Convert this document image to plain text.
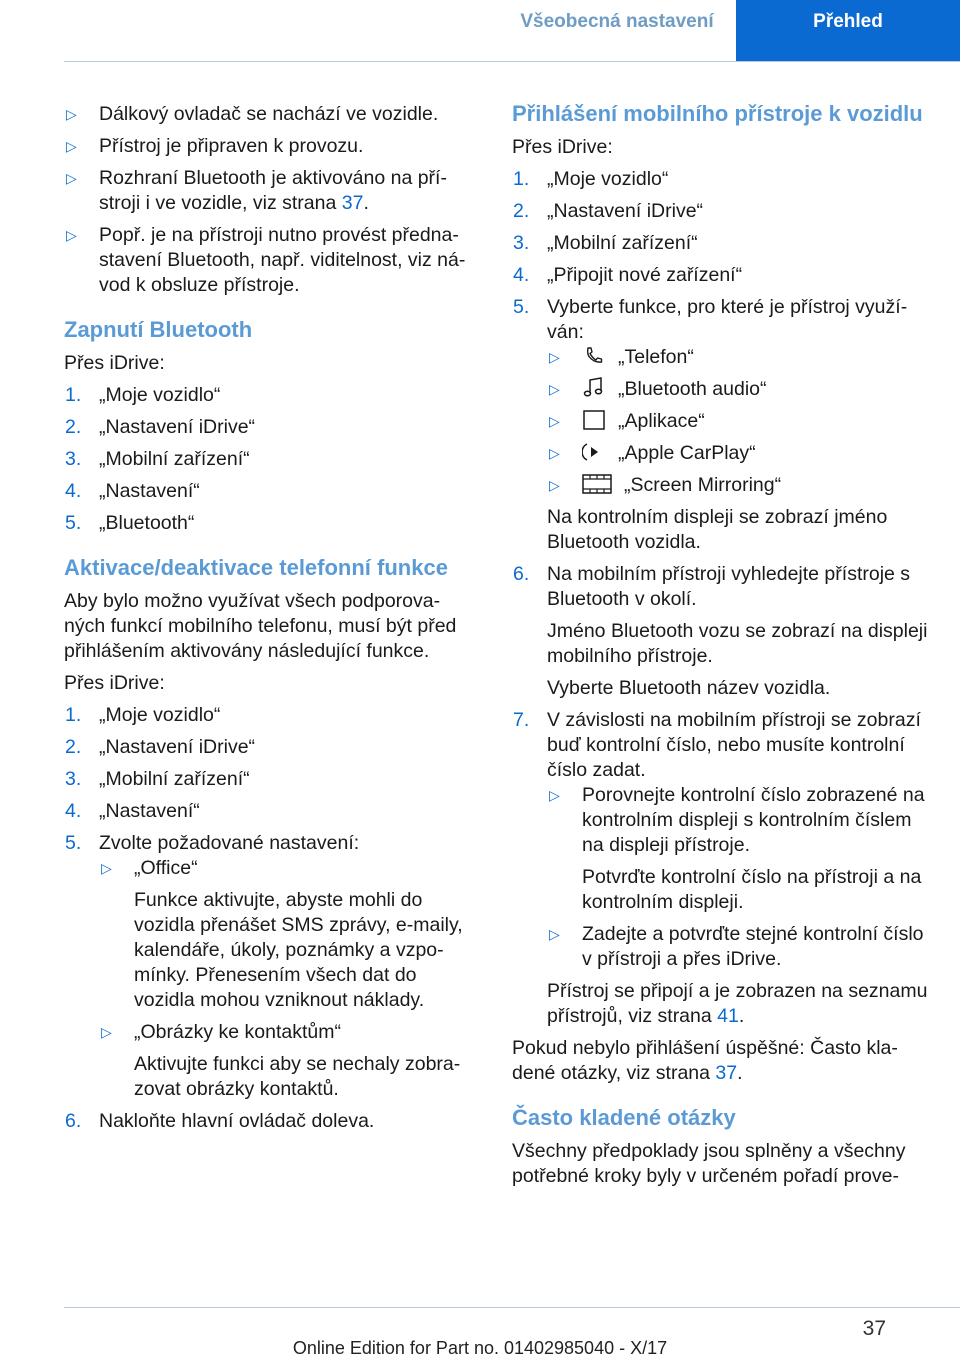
Všeobecná nastavení	Přehled
▷ Dálkový ovladač se nachází ve vozidle.
▷ Přístroj je připraven k provozu.
▷ Rozhraní Bluetooth je aktivováno na přístroji i ve vozidle, viz strana 37.
▷ Popř. je na přístroji nutno provést přednastavení Bluetooth, např. viditelnost, viz návod k obsluze přístroje.
Zapnutí Bluetooth

Přes iDrive:

1. „Moje vozidlo“
2. „Nastavení iDrive“
3. „Mobilní zařízení“
4. „Nastavení“
5. „Bluetooth“
Aktivace/deaktivace telefonní funkce

Aby bylo možno využívat všech podporovaných funkcí mobilního telefonu, musí být před přihlášením aktivovány následující funkce.

Přes iDrive:

1. „Moje vozidlo“
2. „Nastavení iDrive“
3. „Mobilní zařízení“
4. „Nastavení“
5. Zvolte požadované nastavení:
▷ „Office“

Funkce aktivujte, abyste mohli do vozidla přenášet SMS zprávy, e-maily, kalendáře, úkoly, poznámky a vzpomínky. Přenesením všech dat do vozidla mohou vzniknout náklady.

▷ „Obrázky ke kontaktům“

Aktivujte funkci aby se nechaly zobrazovat obrázky kontaktů.

6. Nakloňte hlavní ovládač doleva.
Přihlášení mobilního přístroje k vozidlu

Přes iDrive:

1. „Moje vozidlo“
2. „Nastavení iDrive“
3. „Mobilní zařízení“
4. „Připojit nové zařízení“
5. Vyberte funkce, pro které je přístroj využíván:
▷	„Telefon“
▷	„Bluetooth audio“
▷	„Aplikace“
▷	„Apple CarPlay“
▷	„Screen Mirroring“

Na kontrolním displeji se zobrazí jméno Bluetooth vozidla.

6. Na mobilním přístroji vyhledejte přístroje s Bluetooth v okolí.

Jméno Bluetooth vozu se zobrazí na displeji mobilního přístroje.

Vyberte Bluetooth název vozidla.

7. V závislosti na mobilním přístroji se zobrazí buď kontrolní číslo, nebo musíte kontrolní číslo zadat.
▷ Porovnejte kontrolní číslo zobrazené na kontrolním displeji s kontrolním číslem na displeji přístroje.

Potvrďte kontrolní číslo na přístroji a na kontrolním displeji.

▷ Zadejte a potvrďte stejné kontrolní číslo v přístroji a přes iDrive.

Přístroj se připojí a je zobrazen na seznamu přístrojů, viz strana 41.

Pokud nebylo přihlášení úspěšné: Často kladené otázky, viz strana 37.

Často kladené otázky

Všechny předpoklady jsou splněny a všechny potřebné kroky byly v určeném pořadí prove-

37
Online Edition for Part no. 01402985040 - X/17
